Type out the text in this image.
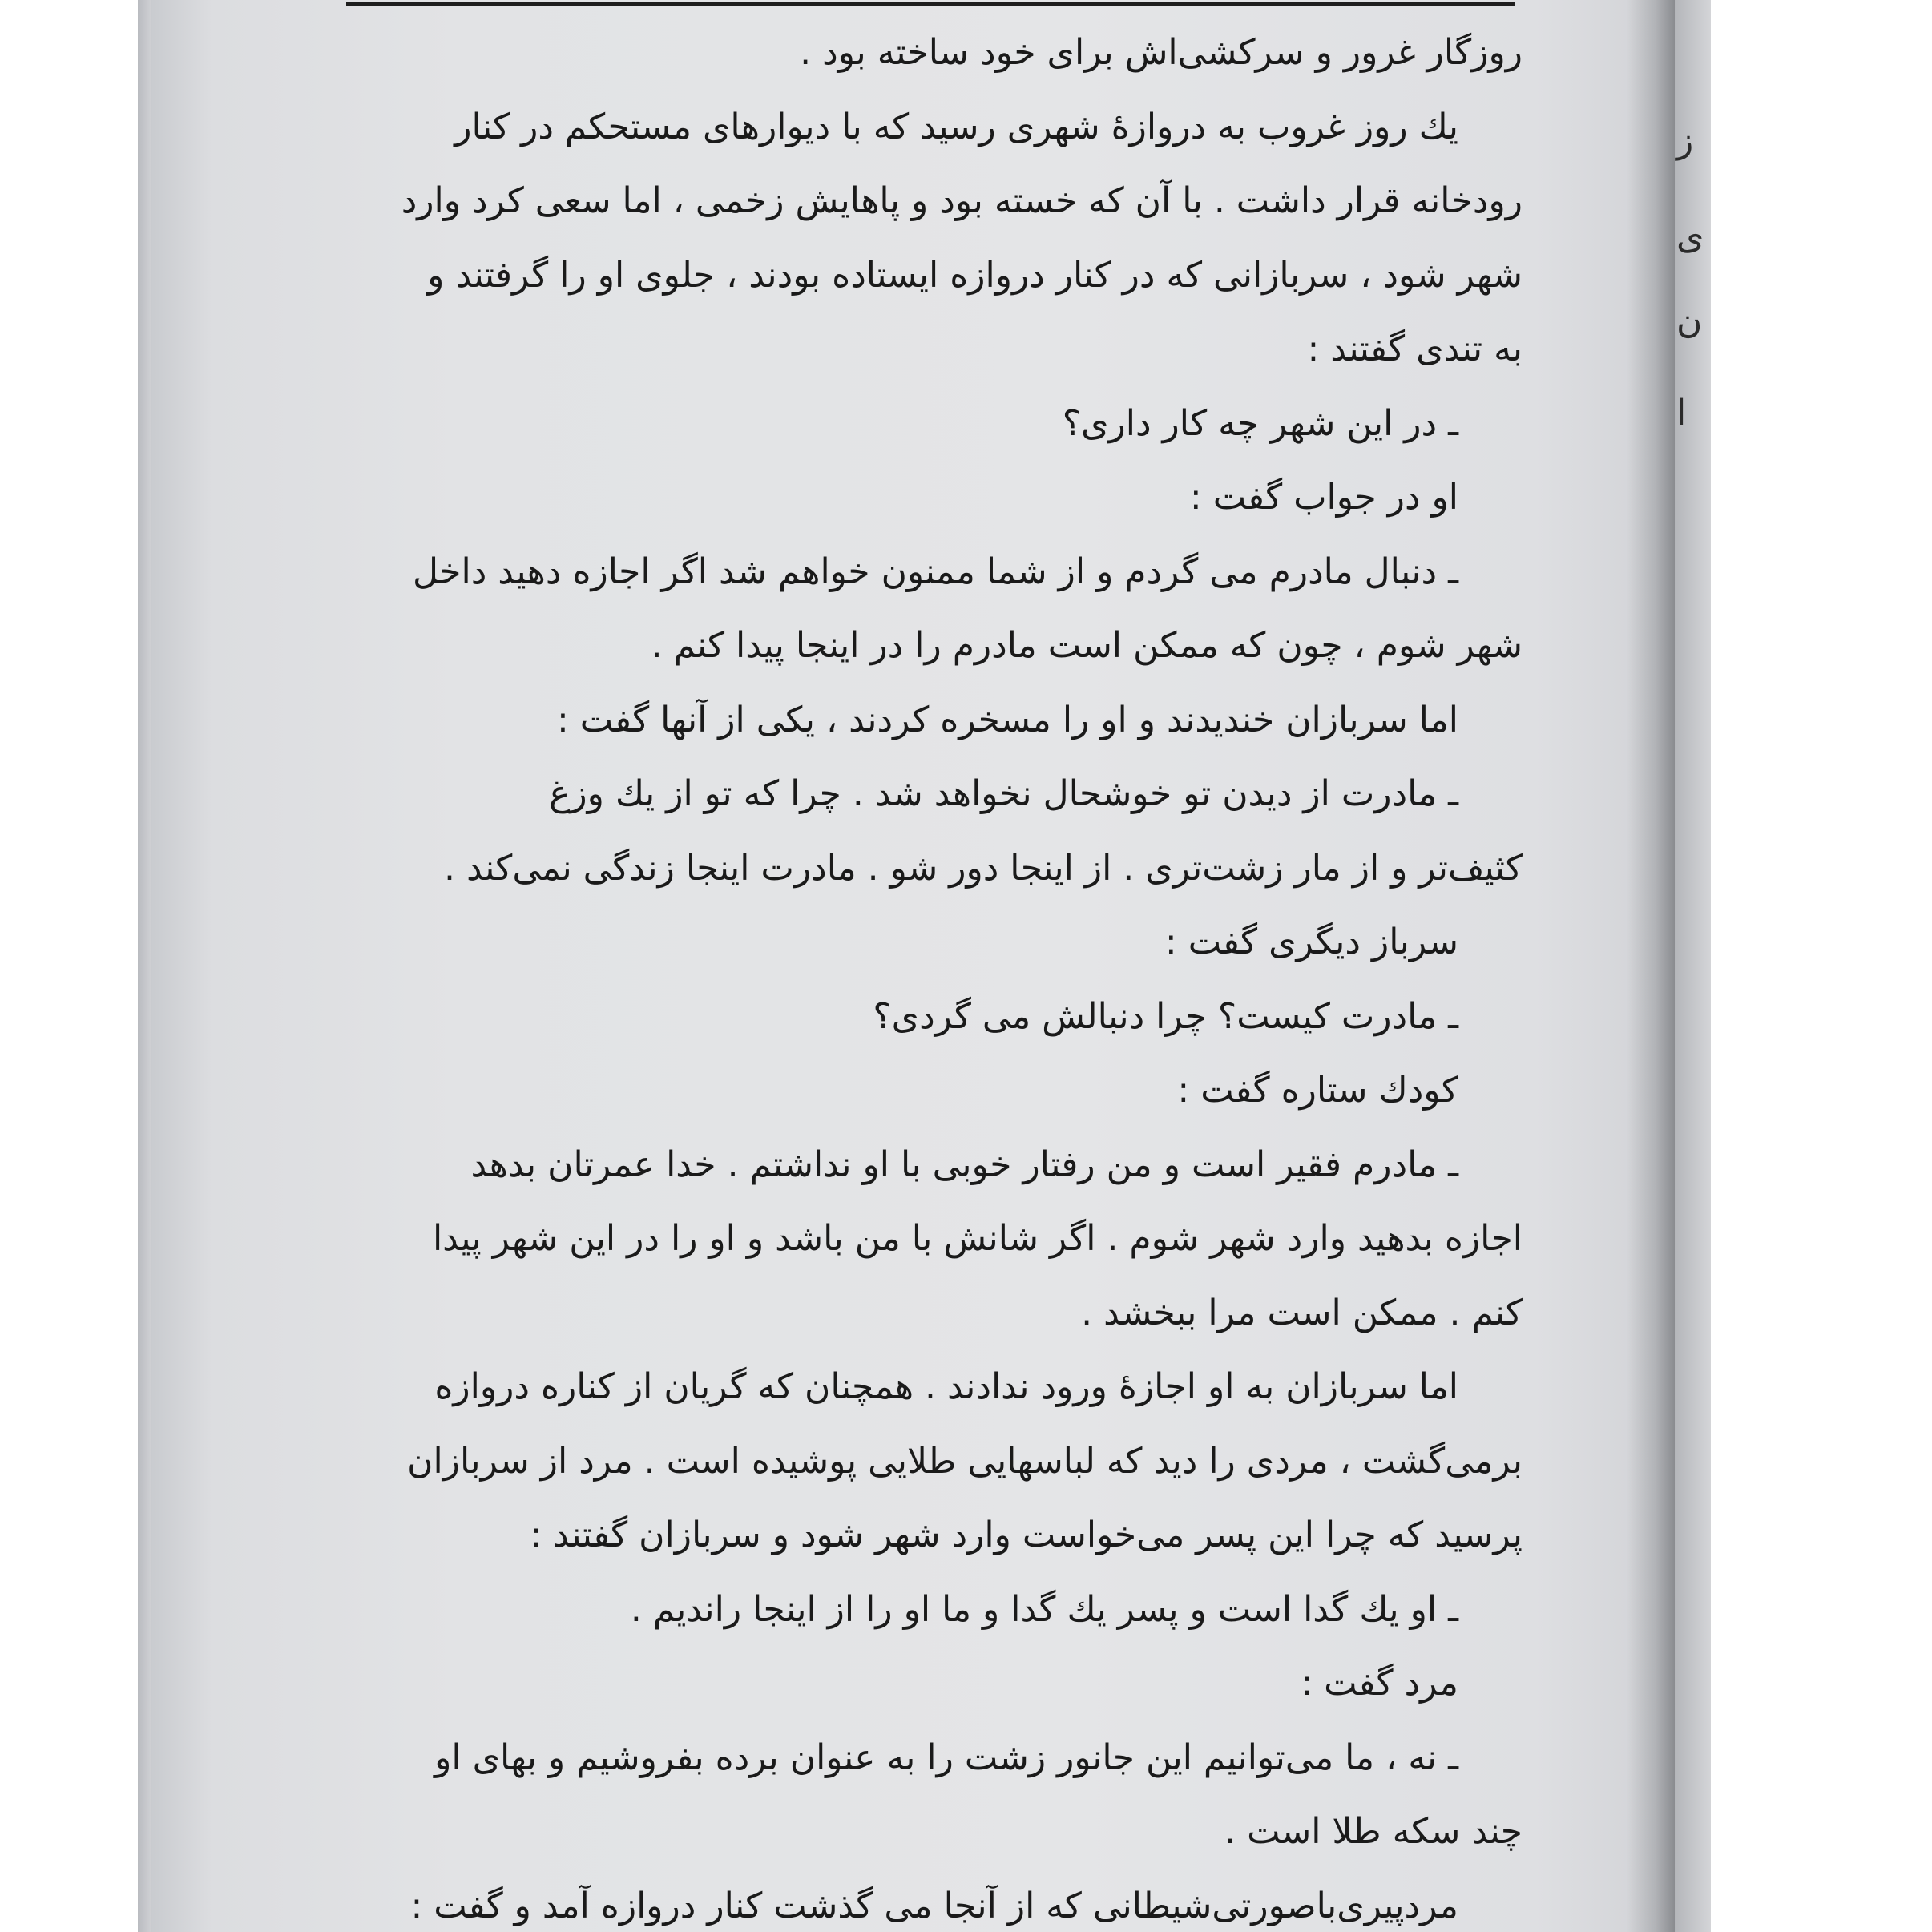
ز
ی
ن
ا
روزگار غرور و سرکشی‌اش برای خود ساخته بود .
یك روز غروب به دروازهٔ شهری رسید که با دیوارهای مستحکم در کنار
رودخانه قرار داشت . با آن که خسته بود و پاهایش زخمی ، اما سعی کرد وارد
شهر شود ، سربازانی که در کنار دروازه ایستاده بودند ، جلوی او را گرفتند و
به تندی گفتند :
ـ در این شهر چه کار داری؟
او در جواب گفت :
ـ دنبال مادرم می گردم و از شما ممنون خواهم شد اگر اجازه دهید داخل
شهر شوم ، چون که ممکن است مادرم را در اینجا پیدا کنم .
اما سربازان خندیدند و او را مسخره کردند ، یکی از آنها گفت :
ـ مادرت از دیدن تو خوشحال نخواهد شد . چرا که تو از یك وزغ
کثیف‌تر و از مار زشت‌تری . از اینجا دور شو . مادرت اینجا زندگی نمی‌کند .
سرباز دیگری گفت :
ـ مادرت کیست؟ چرا دنبالش می گردی؟
کودك ستاره گفت :
ـ مادرم فقیر است و من رفتار خوبی با او نداشتم . خدا عمرتان بدهد
اجازه بدهید وارد شهر شوم . اگر شانش با من باشد و او را در این شهر پیدا
کنم . ممکن است مرا ببخشد .
اما سربازان به او اجازهٔ ورود ندادند . همچنان که گریان از کناره دروازه
برمی‌گشت ، مردی را دید که لباسهایی طلایی پوشیده است . مرد از سربازان
پرسید که چرا این پسر می‌خواست وارد شهر شود و سربازان گفتند :
ـ او یك گدا است و پسر یك گدا و ما او را از اینجا راندیم .
مرد گفت :
ـ نه ، ما می‌توانیم این جانور زشت را به عنوان برده بفروشیم و بهای او
چند سکه طلا است .
مردپیری‌باصورتی‌شیطانی که از آنجا می گذشت کنار دروازه آمد و گفت :
